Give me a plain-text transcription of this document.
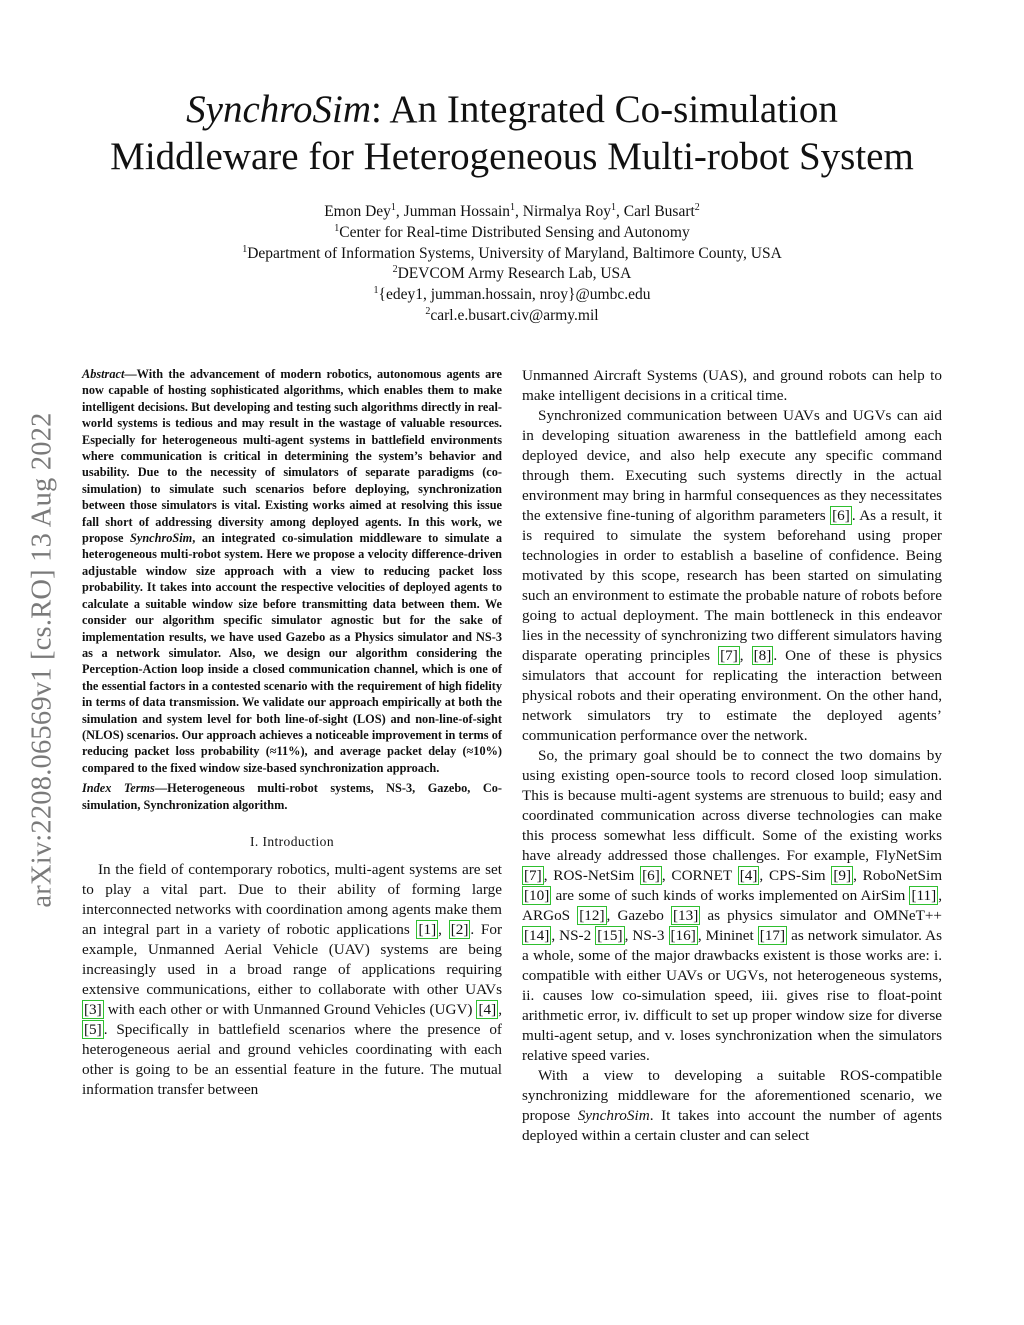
arXiv:2208.06569v1 [cs.RO] 13 Aug 2022
SynchroSim: An Integrated Co-simulation
Middleware for Heterogeneous Multi-robot System
Emon Dey$^1$, Jumman Hossain$^1$, Nirmalya Roy$^1$, Carl Busart$^2$
$^1$Center for Real-time Distributed Sensing and Autonomy
$^1$Department of Information Systems, University of Maryland, Baltimore County, USA
$^2$DEVCOM Army Research Lab, USA
$^1${edey1, jumman.hossain, nroy}@umbc.edu
$^2$carl.e.busart.civ@army.mil

Abstract—With the advancement of modern robotics, autonomous agents are now capable of hosting sophisticated algorithms, which enables them to make intelligent decisions. But developing and testing such algorithms directly in real-world systems is tedious and may result in the wastage of valuable resources. Especially for heterogeneous multi-agent systems in battlefield environments where communication is critical in determining the system’s behavior and usability. Due to the necessity of simulators of separate paradigms (co-simulation) to simulate such scenarios before deploying, synchronization between those simulators is vital. Existing works aimed at resolving this issue fall short of addressing diversity among deployed agents. In this work, we propose SynchroSim, an integrated co-simulation middleware to simulate a heterogeneous multi-robot system. Here we propose a velocity difference-driven adjustable window size approach with a view to reducing packet loss probability. It takes into account the respective velocities of deployed agents to calculate a suitable window size before transmitting data between them. We consider our algorithm specific simulator agnostic but for the sake of implementation results, we have used Gazebo as a Physics simulator and NS-3 as a network simulator. Also, we design our algorithm considering the Perception-Action loop inside a closed communication channel, which is one of the essential factors in a contested scenario with the requirement of high fidelity in terms of data transmission. We validate our approach empirically at both the simulation and system level for both line-of-sight (LOS) and non-line-of-sight (NLOS) scenarios. Our approach achieves a noticeable improvement in terms of reducing packet loss probability (≈11%), and average packet delay (≈10%) compared to the fixed window size-based synchronization approach.

Index Terms—Heterogeneous multi-robot systems, NS-3, Gazebo, Co-simulation, Synchronization algorithm.

I. Introduction

In the field of contemporary robotics, multi-agent systems are set to play a vital part. Due to their ability of forming large interconnected networks with coordination among agents make them an integral part in a variety of robotic applications [1] , [2] . For example, Unmanned Aerial Vehicle (UAV) systems are being increasingly used in a broad range of applications requiring extensive communications, either to collaborate with other UAVs [3] with each other or with Unmanned Ground Vehicles (UGV) [4] , [5] . Specifically in battlefield scenarios where the presence of heterogeneous aerial and ground vehicles coordinating with each other is going to be an essential feature in the future. The mutual information transfer between

Unmanned Aircraft Systems (UAS), and ground robots can help to make intelligent decisions in a critical time.

Synchronized communication between UAVs and UGVs can aid in developing situation awareness in the battlefield among each deployed device, and also help execute any specific command through them. Executing such systems directly in the actual environment may bring in harmful consequences as they necessitates the extensive fine-tuning of algorithm parameters [6] . As a result, it is required to simulate the system beforehand using proper technologies in order to establish a baseline of confidence. Being motivated by this scope, research has been started on simulating such an environment to estimate the probable nature of robots before going to actual deployment. The main bottleneck in this endeavor lies in the necessity of synchronizing two different simulators having disparate operating principles [7] , [8] . One of these is physics simulators that account for replicating the interaction between physical robots and their operating environment. On the other hand, network simulators try to estimate the deployed agents’ communication performance over the network.

So, the primary goal should be to connect the two domains by using existing open-source tools to record closed loop simulation. This is because multi-agent systems are strenuous to build; easy and coordinated communication across diverse technologies can make this process somewhat less difficult. Some of the existing works have already addressed those challenges. For example, FlyNetSim [7] , ROS-NetSim [6] , CORNET [4] , CPS-Sim [9] , RoboNetSim [10] are some of such kinds of works implemented on AirSim [11] , ARGoS [12] , Gazebo [13] as physics simulator and OMNeT++ [14] , NS-2 [15] , NS-3 [16] , Mininet [17] as network simulator. As a whole, some of the major drawbacks existent is those works are: i. compatible with either UAVs or UGVs, not heterogeneous systems, ii. causes low co-simulation speed, iii. gives rise to float-point arithmetic error, iv. difficult to set up proper window size for diverse multi-agent setup, and v. loses synchronization when the simulators relative speed varies.

With a view to developing a suitable ROS-compatible synchronizing middleware for the aforementioned scenario, we propose SynchroSim. It takes into account the number of agents deployed within a certain cluster and can select
